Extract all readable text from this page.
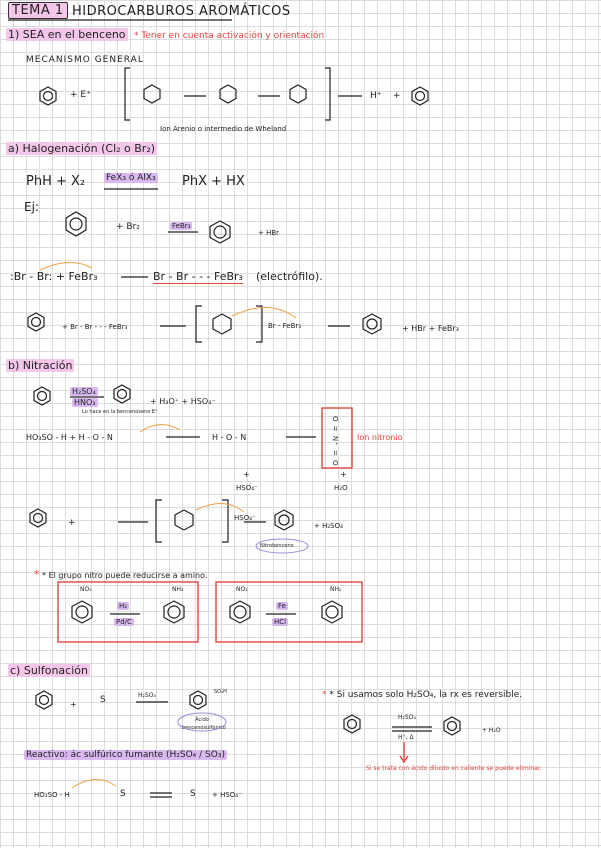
TEMA 1 HIDROCARBUROS AROMÁTICOS
1) SEA en el benceno * Tener en cuenta activación y orientación
MECANISMO GENERAL
+ E⁺	H⁺ +
Ion Arenio o intermedio de Wheland
a) Halogenación (Cl₂ o Br₂)
PhH + X₂ FeX₃ ó AlX₃ PhX + HX
Ej:
+ Br₂	FeBr₃
+ HBr
:Br - Br: + FeBr₃	Br - Br - - - FeBr₃ (electrófilo).
+ Br - Br - - - FeBr₃	Br - FeBr₃	+ HBr + FeBr₃
b) Nitración
H₂SO₄
HNO₃	+ H₃O⁺ + HSO₄⁻
Lo hace en la bencenoseno E⁺
HO₃SO - H + H - O - N	H - O - N	O = N⁺ = O Ion nitronio
+
HSO₄⁻
+
H₂O
+	HSO₄⁻
+ H₂SO₄
Nitrobenceno
* * El grupo nitro puede reducirse a amino.
NO₂	NH₂
H₂
Pd/C
NO₂	NH₂
Fe
HCl
c) Sulfonación
+
H₂SO₄	SO₃H
Ácido bencenosulfónico
* * Si usamos solo H₂SO₄, la rx es reversible.
H₂SO₄
H⁺, Δ
+ H₂O
Si se trata con ácido diluido en caliente se puede eliminar.
Reactivo: ác sulfúrico fumante (H₂SO₄ / SO₃)
HO₃SO - H	+ HSO₄⁻
S
S	S
